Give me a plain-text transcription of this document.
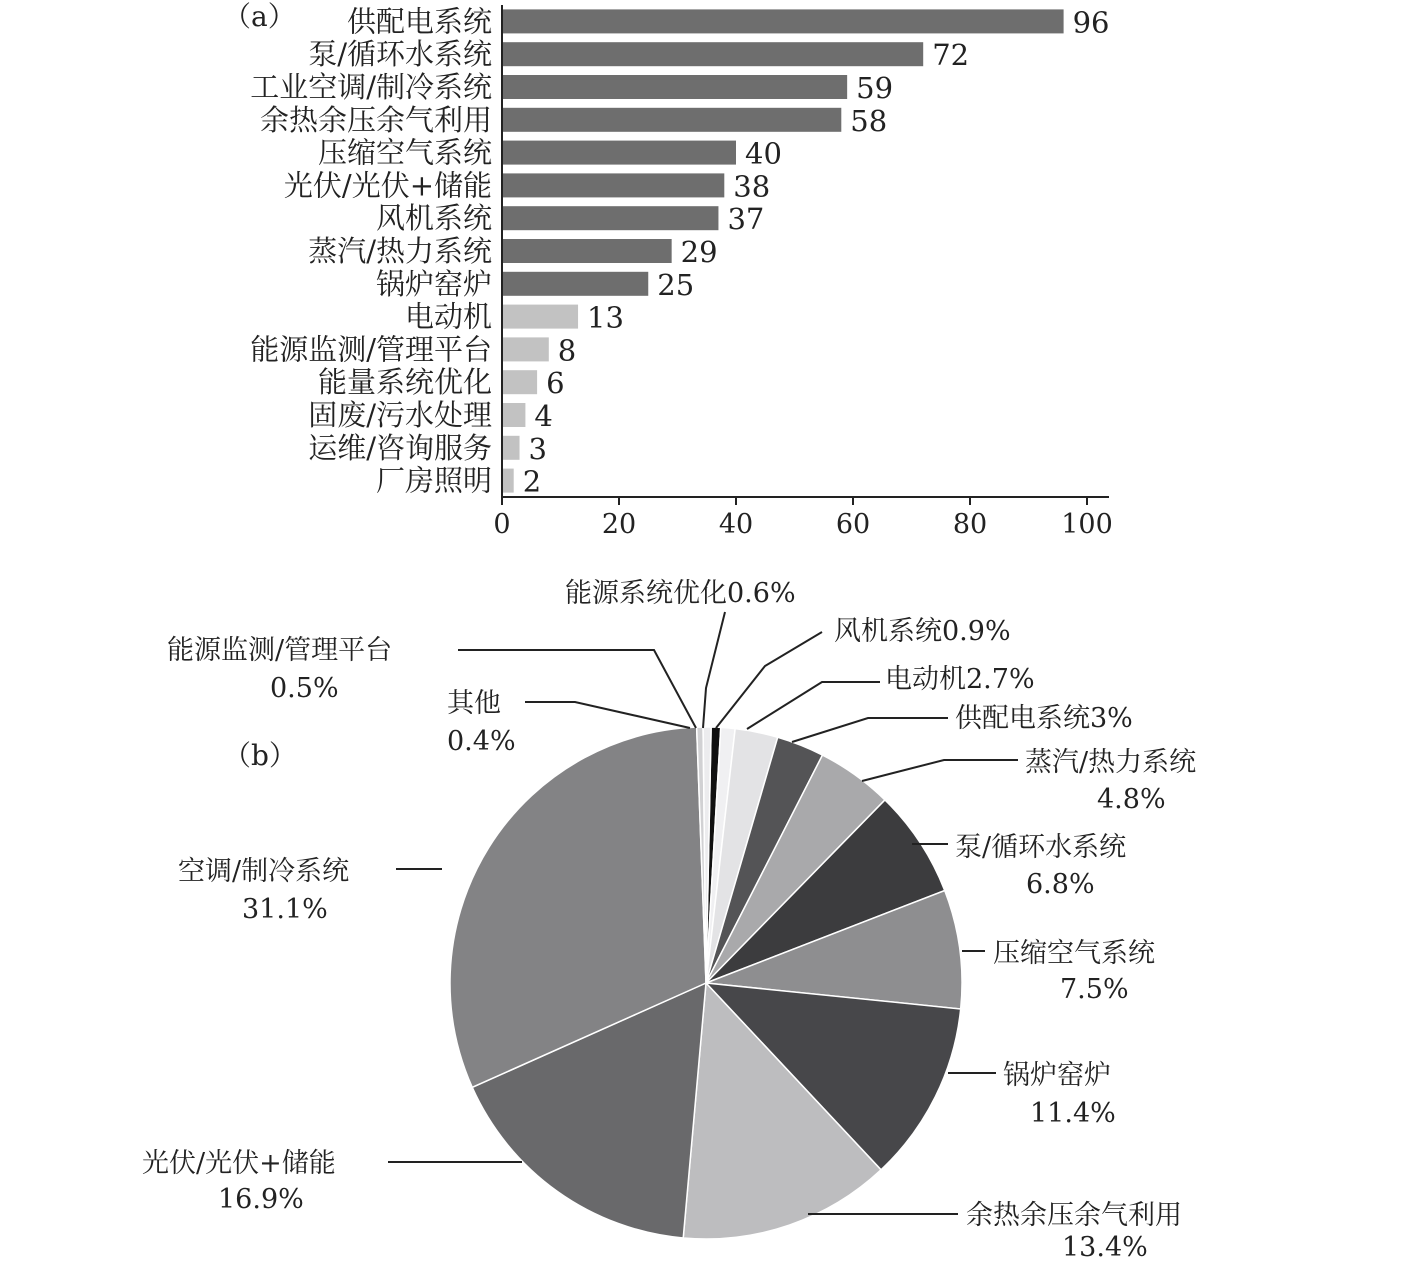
（a） 供配电系统	96
泵/循环水系统	72
工业空调/制冷系统	59
余热余压余气利用	58
压缩空气系统	40
光伏/光伏+储能	38
风机系统	37
蒸汽/热力系统	29
锅炉窑炉	25
电动机	13
能源监测/管理平台 8
能量系统优化 6
固废/污水处理 4
运维/咨询服务 3
厂房照明 2
0	20	40	60	80	100
（b）
能源系统优化0.6%
风机系统0.9%
电动机2.7%
供配电系统3%
蒸汽/热力系统
4.8%
泵/循环水系统
6.8%
压缩空气系统
7.5%
锅炉窑炉
11.4%
余热余压余气利用
13.4%
光伏/光伏+储能
16.9%
空调/制冷系统
31.1%
其他
0.4%
能源监测/管理平台
0.5%
